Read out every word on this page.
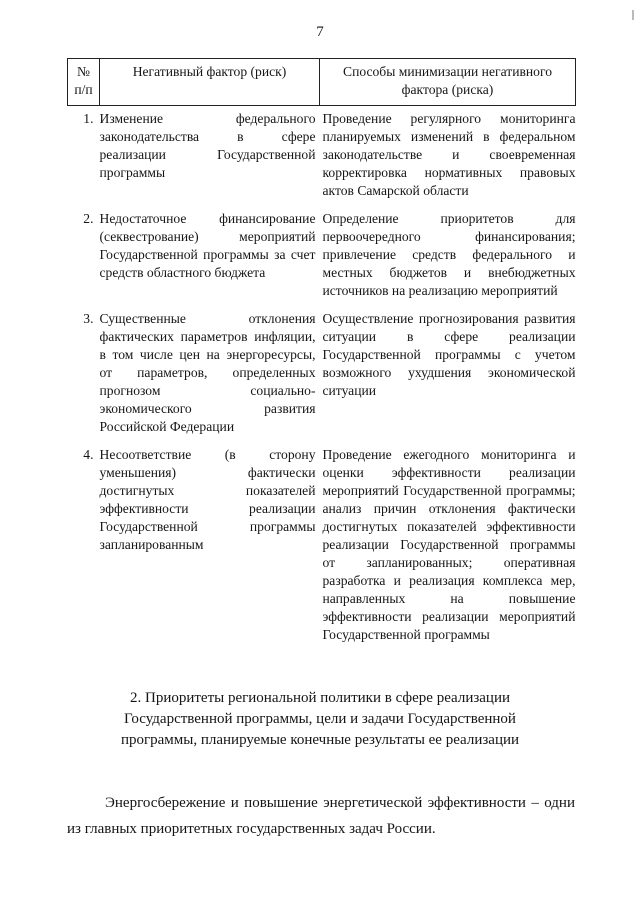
7
№ п/п	Негативный фактор (риск)	Способы минимизации негативного фактора (риска)
1.	Изменение федерального законодательства в сфере реализации Государственной программы	Проведение регулярного мониторинга планируемых изменений в федеральном законодательстве и своевременная корректировка нормативных правовых актов Самарской области
2.	Недостаточное финансирование (секвестрование) мероприятий Государственной программы за счет средств областного бюджета	Определение приоритетов для первоочередного финансирования; привлечение средств федерального и местных бюджетов и внебюджетных источников на реализацию мероприятий
3.	Существенные отклонения фактических параметров инфляции, в том числе цен на энергоресурсы, от параметров, определенных прогнозом социально-экономического развития Российской Федерации	Осуществление прогнозирования развития ситуации в сфере реализации Государственной программы с учетом возможного ухудшения экономической ситуации
4.	Несоответствие (в сторону уменьшения) фактически достигнутых показателей эффективности реализации Государственной программы запланированным	Проведение ежегодного мониторинга и оценки эффективности реализации мероприятий Государственной программы; анализ причин отклонения фактически достигнутых показателей эффективности реализации Государственной программы от запланированных; оперативная разработка и реализация комплекса мер, направленных на повышение эффективности реализации мероприятий Государственной программы
2. Приоритеты региональной политики в сфере реализации Государственной программы, цели и задачи Государственной программы, планируемые конечные результаты ее реализации
Энергосбережение и повышение энергетической эффективности – одни из главных приоритетных государственных задач России.
